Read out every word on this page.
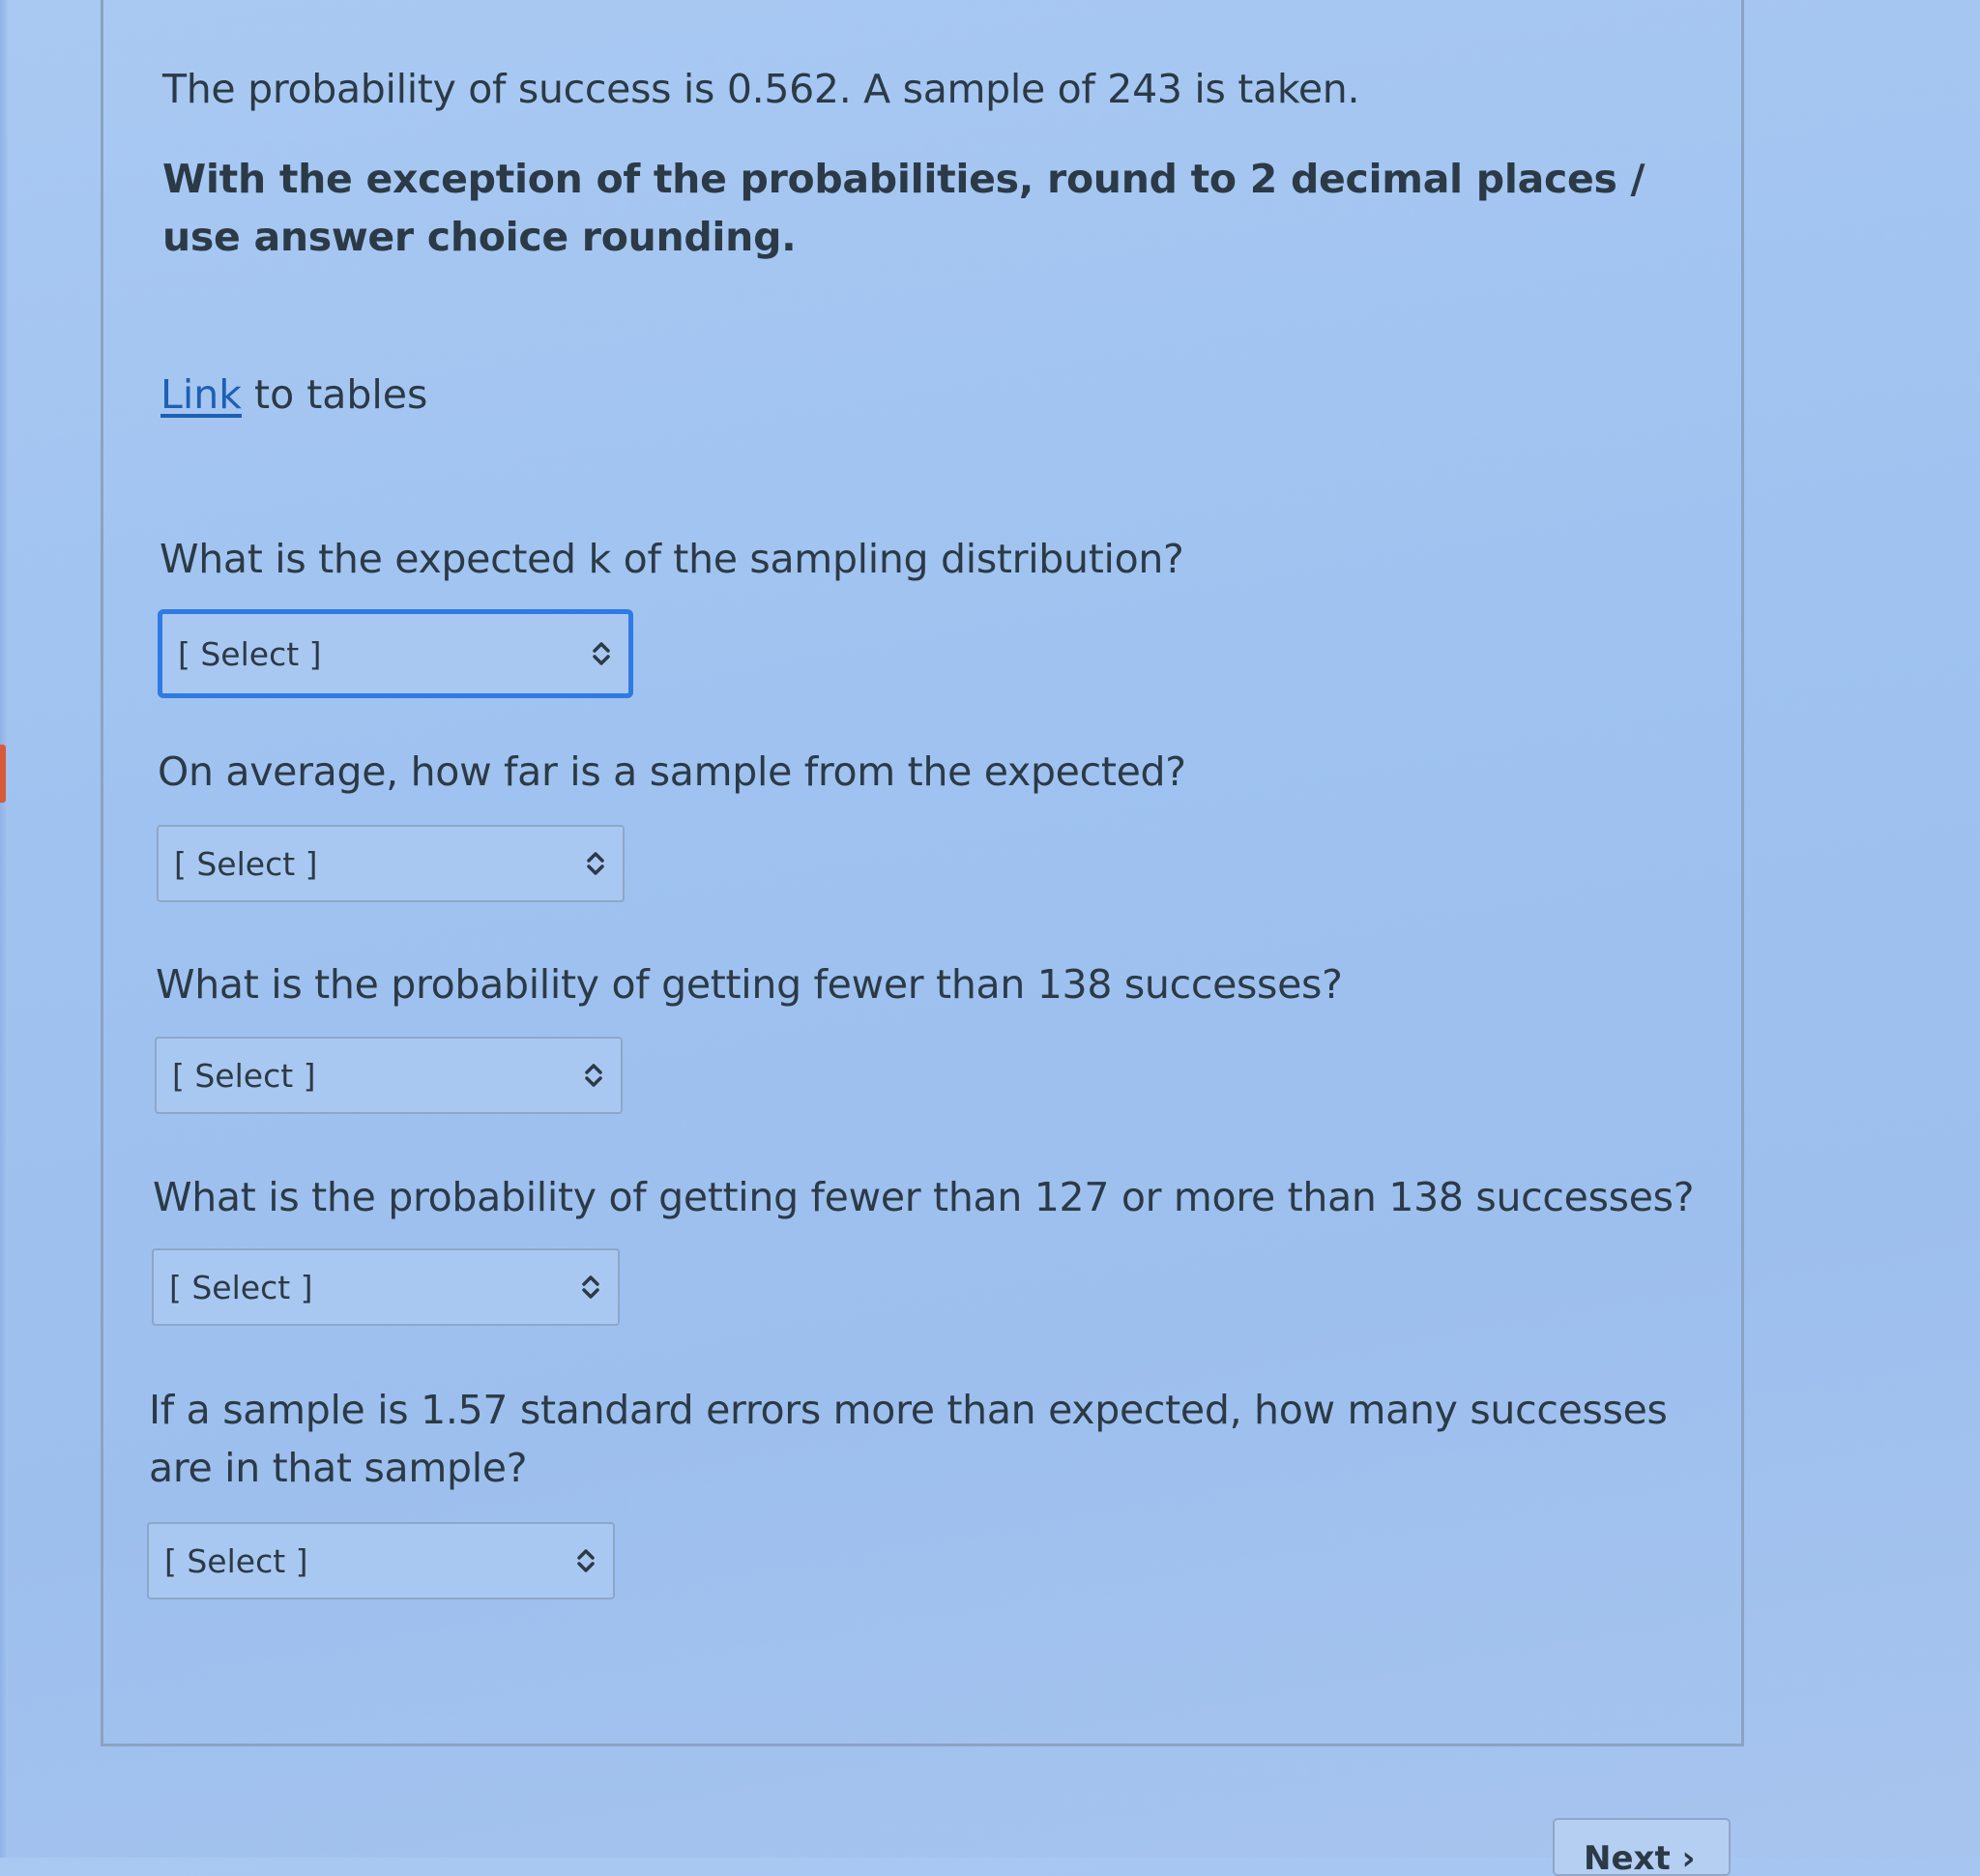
The probability of success is 0.562. A sample of 243 is taken.

With the exception of the probabilities, round to 2 decimal places / use answer choice rounding.

Link to tables

What is the expected k of the sampling distribution?

[ Select ]

On average, how far is a sample from the expected?

[ Select ]

What is the probability of getting fewer than 138 successes?

[ Select ]

What is the probability of getting fewer than 127 or more than 138 successes?

[ Select ]

If a sample is 1.57 standard errors more than expected, how many successes are in that sample?

[ Select ]
Next ›
